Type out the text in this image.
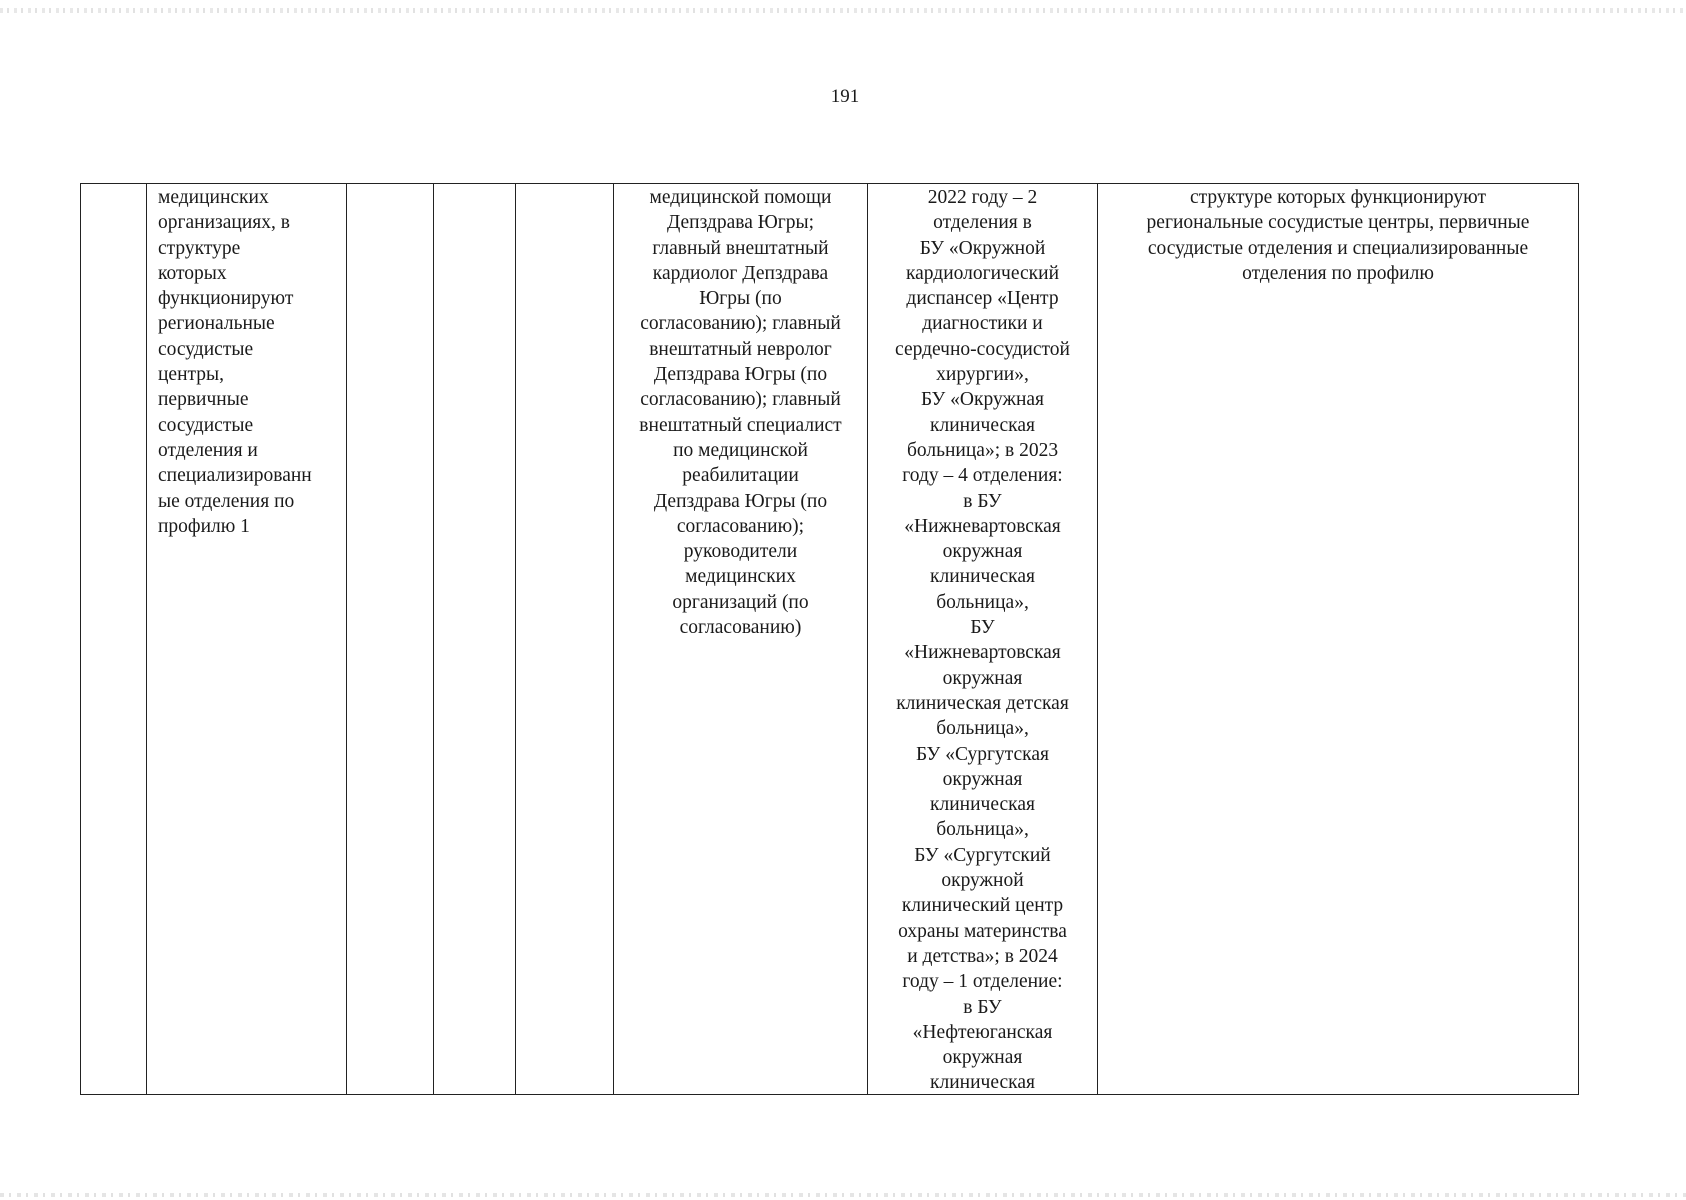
191
медицинских
организациях, в
структуре
которых
функционируют
региональные
сосудистые
центры,
первичные
сосудистые
отделения и
специализированн
ые отделения по
профилю 1
медицинской помощи
Депздрава Югры;
главный внештатный
кардиолог Депздрава
Югры (по
согласованию); главный
внештатный невролог
Депздрава Югры (по
согласованию); главный
внештатный специалист
по медицинской
реабилитации
Депздрава Югры (по
согласованию);
руководители
медицинских
организаций (по
согласованию)
2022 году – 2
отделения в
БУ «Окружной
кардиологический
диспансер «Центр
диагностики и
сердечно-сосудистой
хирургии»,
БУ «Окружная
клиническая
больница»; в 2023
году – 4 отделения:
в БУ
«Нижневартовская
окружная
клиническая
больница»,
БУ
«Нижневартовская
окружная
клиническая детская
больница»,
БУ «Сургутская
окружная
клиническая
больница»,
БУ «Сургутский
окружной
клинический центр
охраны материнства
и детства»; в 2024
году – 1 отделение:
в БУ
«Нефтеюганская
окружная
клиническая
структуре которых функционируют
региональные сосудистые центры, первичные
сосудистые отделения и специализированные
отделения по профилю
